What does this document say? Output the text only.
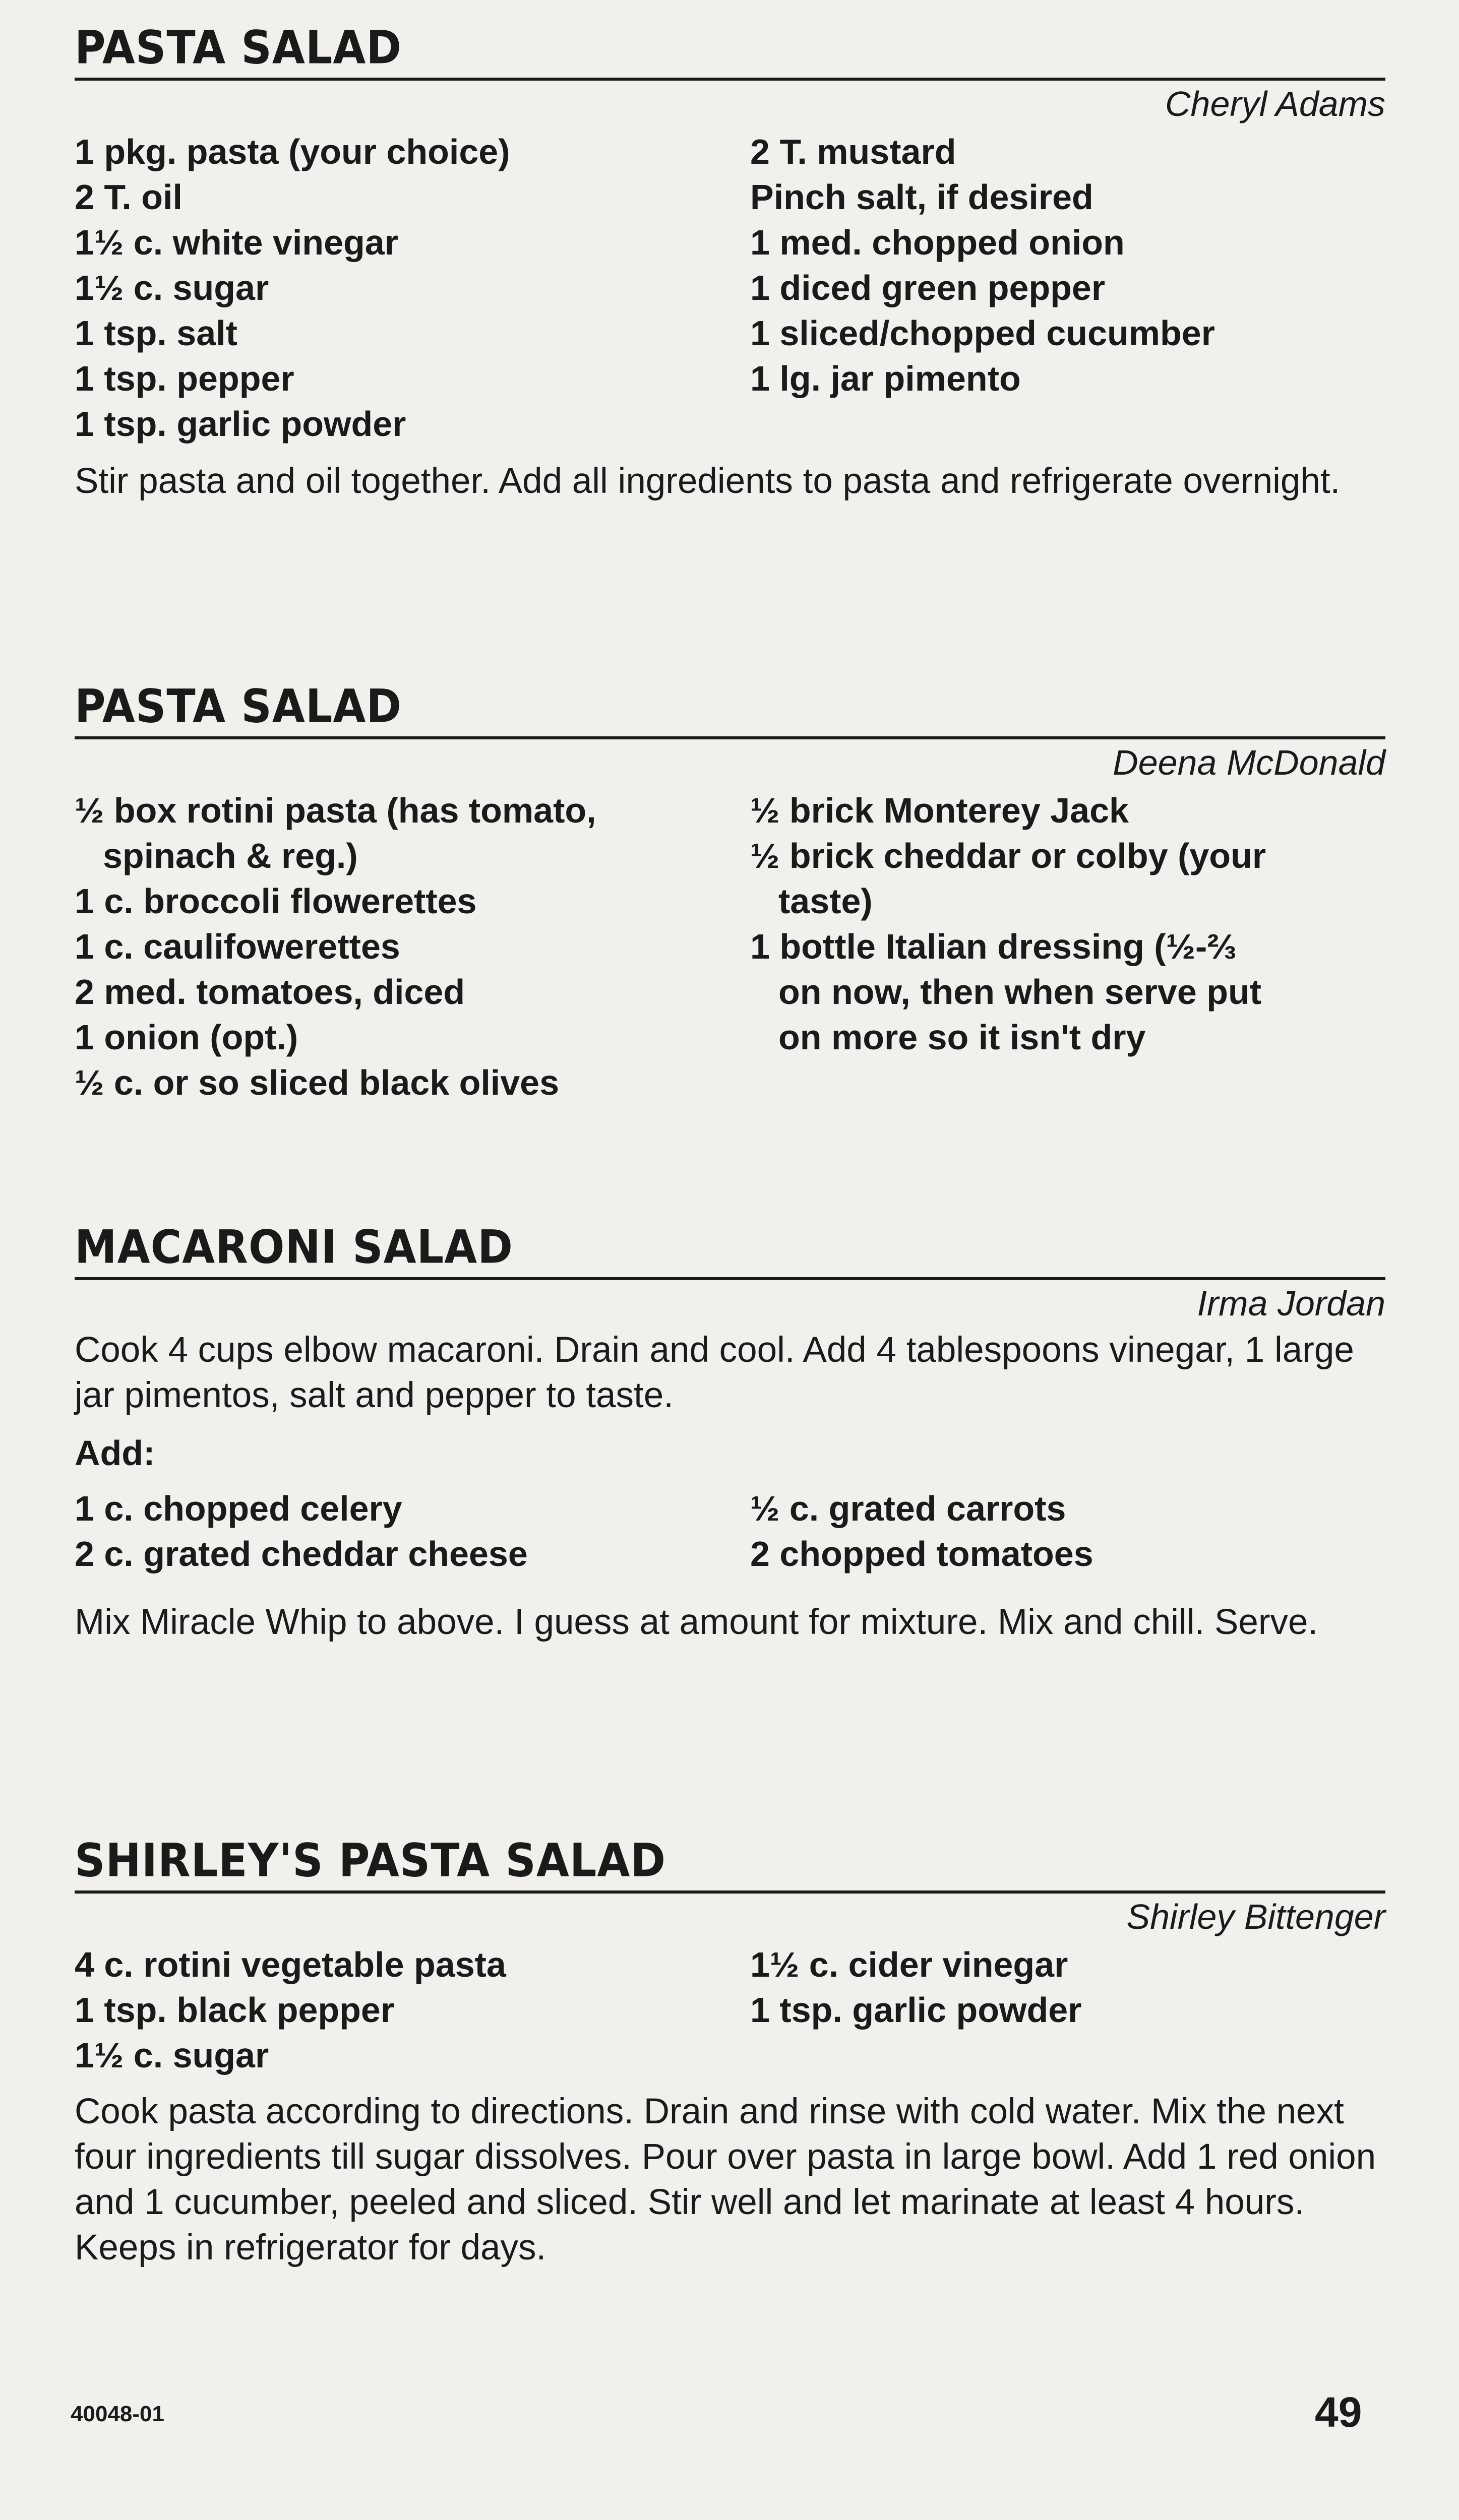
PASTA SALAD
Cheryl Adams
1 pkg. pasta (your choice)
2 T. oil
1½ c. white vinegar
1½ c. sugar
1 tsp. salt
1 tsp. pepper
1 tsp. garlic powder
2 T. mustard
Pinch salt, if desired
1 med. chopped onion
1 diced green pepper
1 sliced/chopped cucumber
1 lg. jar pimento

Stir pasta and oil together. Add all ingredients to pasta and refrigerate overnight.

PASTA SALAD
Deena McDonald
½ box rotini pasta (has tomato,
spinach & reg.)
1 c. broccoli flowerettes
1 c. caulifowerettes
2 med. tomatoes, diced
1 onion (opt.)
½ c. or so sliced black olives
½ brick Monterey Jack
½ brick cheddar or colby (your
taste)
1 bottle Italian dressing (½-⅔
on now, then when serve put
on more so it isn't dry
MACARONI SALAD
Irma Jordan

Cook 4 cups elbow macaroni. Drain and cool. Add 4 tablespoons vinegar, 1 large jar pimentos, salt and pepper to taste.

Add:
1 c. chopped celery
2 c. grated cheddar cheese
½ c. grated carrots
2 chopped tomatoes

Mix Miracle Whip to above. I guess at amount for mixture. Mix and chill. Serve.

SHIRLEY'S PASTA SALAD
Shirley Bittenger
4 c. rotini vegetable pasta
1 tsp. black pepper
1½ c. sugar
1½ c. cider vinegar
1 tsp. garlic powder

Cook pasta according to directions. Drain and rinse with cold water. Mix the next four ingredients till sugar dissolves. Pour over pasta in large bowl. Add 1 red onion and 1 cucumber, peeled and sliced. Stir well and let marinate at least 4 hours. Keeps in refrigerator for days.

40048-01	49
